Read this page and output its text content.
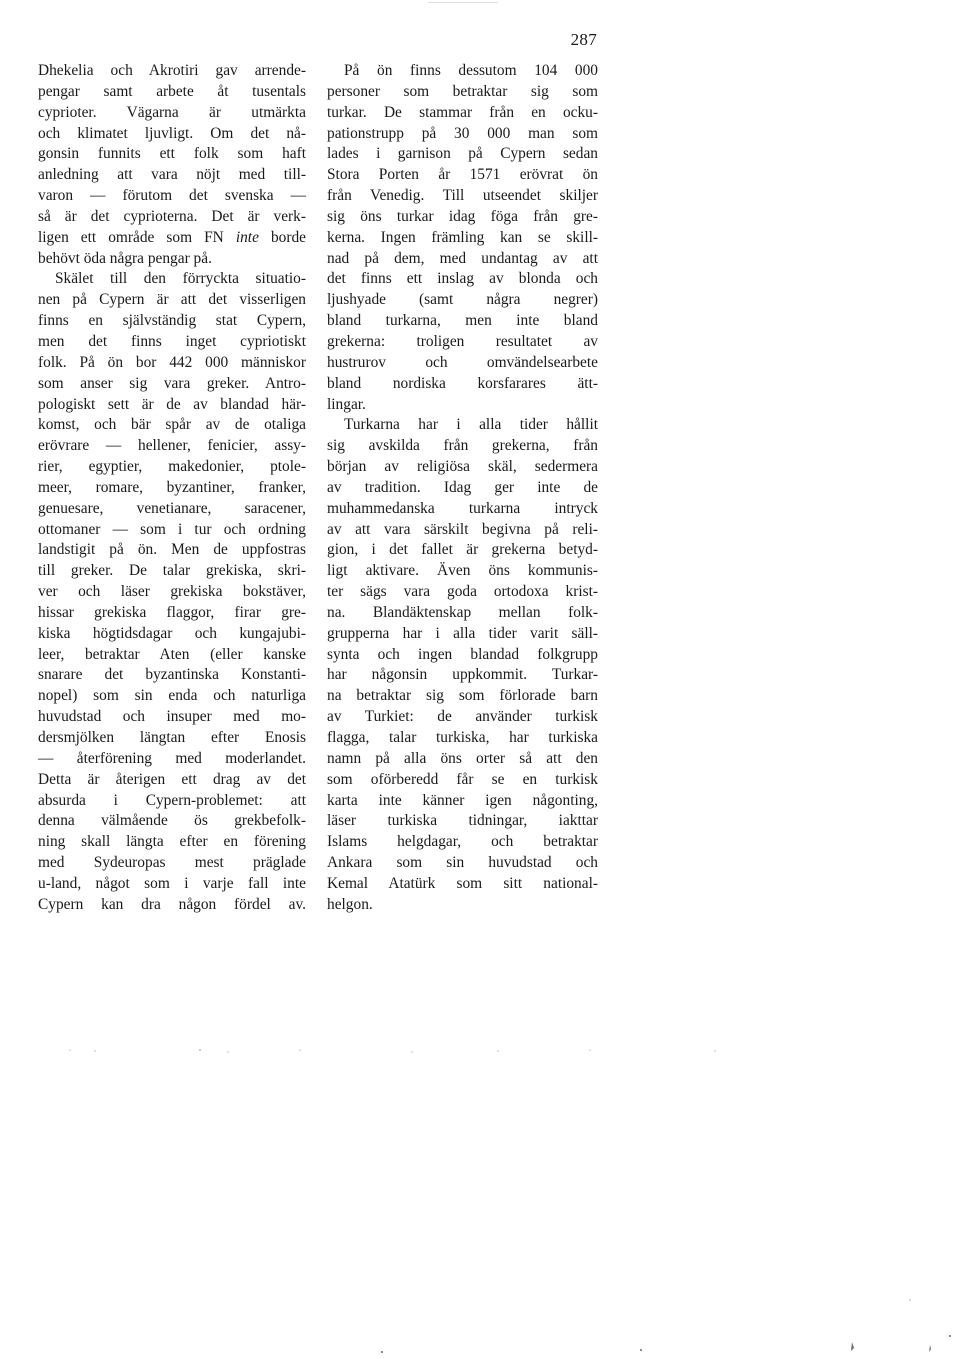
287
Dhekelia och Akrotiri gav arrende-
pengar samt arbete åt tusentals
cyprioter. Vägarna är utmärkta
och klimatet ljuvligt. Om det nå-
gonsin funnits ett folk som haft
anledning att vara nöjt med till-
varon — förutom det svenska —
så är det cyprioterna. Det är verk-
ligen ett område som FN inte borde
behövt öda några pengar på.
Skälet till den förryckta situatio-
nen på Cypern är att det visserligen
finns en självständig stat Cypern,
men det finns inget cypriotiskt
folk. På ön bor 442 000 människor
som anser sig vara greker. Antro-
pologiskt sett är de av blandad här-
komst, och bär spår av de otaliga
erövrare — hellener, fenicier, assy-
rier, egyptier, makedonier, ptole-
meer, romare, byzantiner, franker,
genuesare, venetianare, saracener,
ottomaner — som i tur och ordning
landstigit på ön. Men de uppfostras
till greker. De talar grekiska, skri-
ver och läser grekiska bokstäver,
hissar grekiska flaggor, firar gre-
kiska högtidsdagar och kungajubi-
leer, betraktar Aten (eller kanske
snarare det byzantinska Konstanti-
nopel) som sin enda och naturliga
huvudstad och insuper med mo-
dersmjölken längtan efter Enosis
— återförening med moderlandet.
Detta är återigen ett drag av det
absurda i Cypern-problemet: att
denna välmående ös grekbefolk-
ning skall längta efter en förening
med Sydeuropas mest präglade
u-land, något som i varje fall inte
Cypern kan dra någon fördel av.
På ön finns dessutom 104 000
personer som betraktar sig som
turkar. De stammar från en ocku-
pationstrupp på 30 000 man som
lades i garnison på Cypern sedan
Stora Porten år 1571 erövrat ön
från Venedig. Till utseendet skiljer
sig öns turkar idag föga från gre-
kerna. Ingen främling kan se skill-
nad på dem, med undantag av att
det finns ett inslag av blonda och
ljushyade (samt några negrer)
bland turkarna, men inte bland
grekerna: troligen resultatet av
hustrurov och omvändelsearbete
bland nordiska korsfarares ätt-
lingar.
Turkarna har i alla tider hållit
sig avskilda från grekerna, från
början av religiösa skäl, sedermera
av tradition. Idag ger inte de
muhammedanska turkarna intryck
av att vara särskilt begivna på reli-
gion, i det fallet är grekerna betyd-
ligt aktivare. Även öns kommunis-
ter sägs vara goda ortodoxa krist-
na. Blandäktenskap mellan folk-
grupperna har i alla tider varit säll-
synta och ingen blandad folkgrupp
har någonsin uppkommit. Turkar-
na betraktar sig som förlorade barn
av Turkiet: de använder turkisk
flagga, talar turkiska, har turkiska
namn på alla öns orter så att den
som oförberedd får se en turkisk
karta inte känner igen någonting,
läser turkiska tidningar, iakttar
Islams helgdagar, och betraktar
Ankara som sin huvudstad och
Kemal Atatürk som sitt national-
helgon.
